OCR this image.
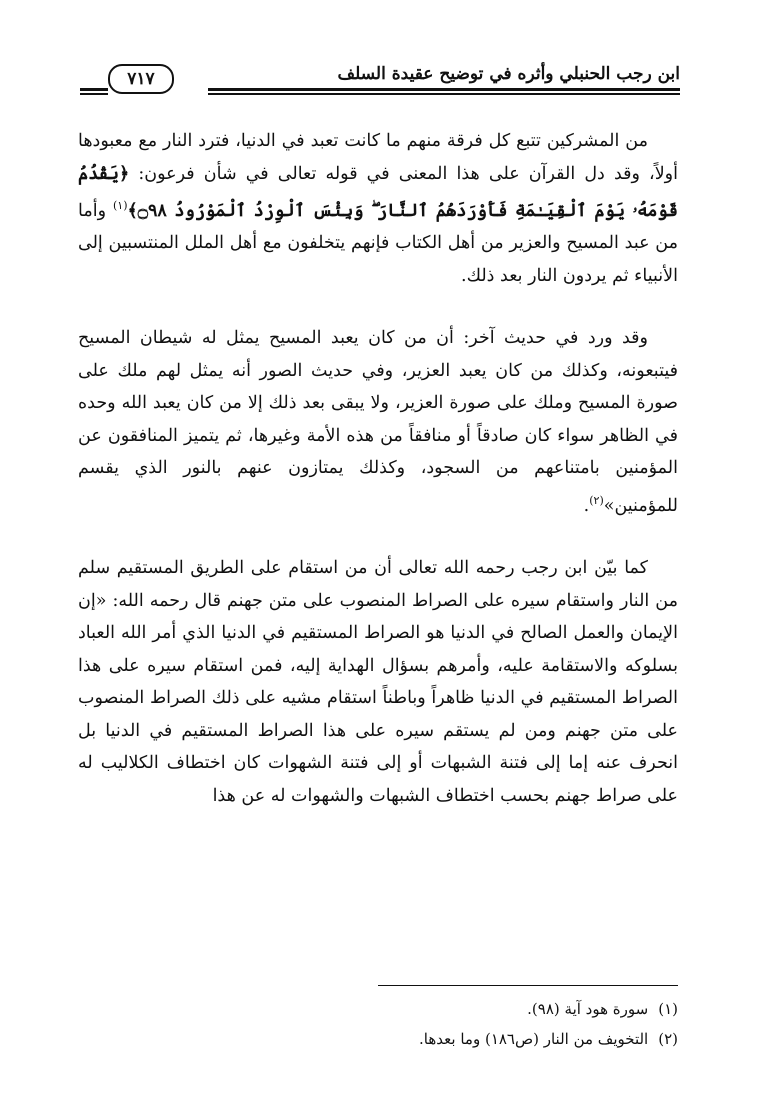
ابن رجب الحنبلي وأثره في توضيح عقيدة السلف
٧١٧

من المشركين تتبع كل فرقة منهم ما كانت تعبد في الدنيا، فترد النار مع معبودها أولاً، وقد دل القرآن على هذا المعنى في قوله تعالى في شأن فرعون: ﴿يَقْدُمُ قَوْمَهُۥ يَوْمَ ٱلْقِيَـٰمَةِ فَأَوْرَدَهُمُ ٱلنَّارَ ۖ وَبِئْسَ ٱلْوِرْدُ ٱلْمَوْرُودُ ۝٩٨﴾$^{(١)}$ وأما من عبد المسيح والعزير من أهل الكتاب فإنهم يتخلفون مع أهل الملل المنتسبين إلى الأنبياء ثم يردون النار بعد ذلك.

وقد ورد في حديث آخر: أن من كان يعبد المسيح يمثل له شيطان المسيح فيتبعونه، وكذلك من كان يعبد العزير، وفي حديث الصور أنه يمثل لهم ملك على صورة المسيح وملك على صورة العزير، ولا يبقى بعد ذلك إلا من كان يعبد الله وحده في الظاهر سواء كان صادقاً أو منافقاً من هذه الأمة وغيرها، ثم يتميز المنافقون عن المؤمنين بامتناعهم من السجود، وكذلك يمتازون عنهم بالنور الذي يقسم للمؤمنين»$^{(٢)}$.

كما بيّن ابن رجب رحمه الله تعالى أن من استقام على الطريق المستقيم سلم من النار واستقام سيره على الصراط المنصوب على متن جهنم قال رحمه الله: «إن الإيمان والعمل الصالح في الدنيا هو الصراط المستقيم في الدنيا الذي أمر الله العباد بسلوكه والاستقامة عليه، وأمرهم بسؤال الهداية إليه، فمن استقام سيره على هذا الصراط المستقيم في الدنيا ظاهراً وباطناً استقام مشيه على ذلك الصراط المنصوب على متن جهنم ومن لم يستقم سيره على هذا الصراط المستقيم في الدنيا بل انحرف عنه إما إلى فتنة الشبهات أو إلى فتنة الشهوات كان اختطاف الكلاليب له على صراط جهنم بحسب اختطاف الشبهات والشهوات له عن هذا

(١)سورة هود آية (٩٨).
(٢)التخويف من النار (ص١٨٦) وما بعدها.
